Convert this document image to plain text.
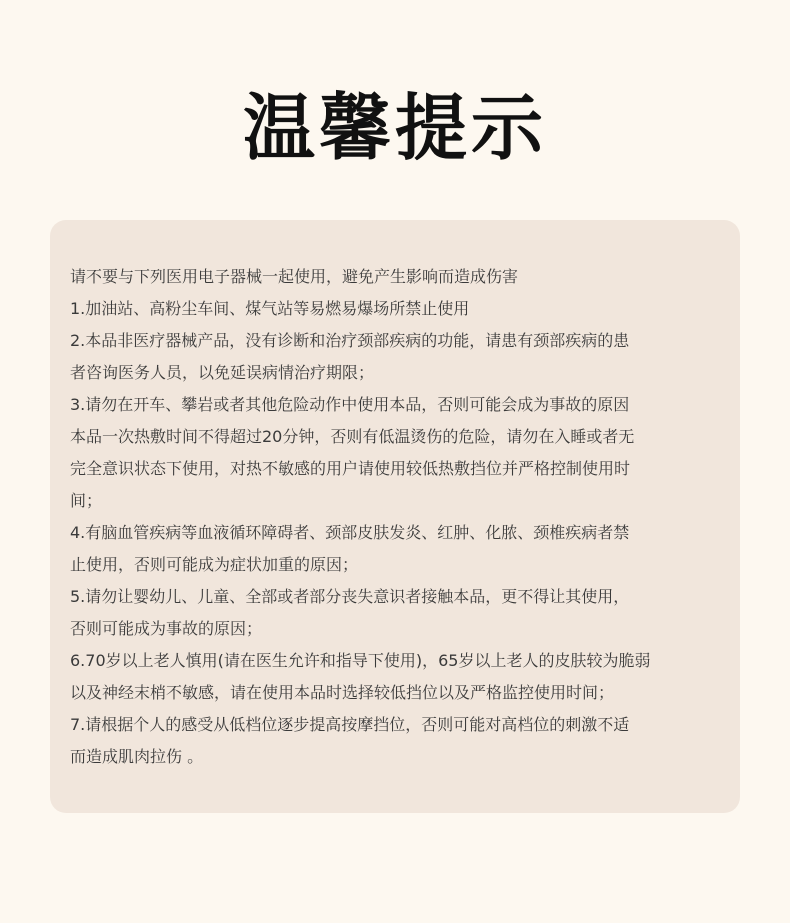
温馨提示
请不要与下列医用电子器械一起使用，避免产生影响而造成伤害
1.加油站、高粉尘车间、煤气站等易燃易爆场所禁止使用
2.本品非医疗器械产品，没有诊断和治疗颈部疾病的功能，请患有颈部疾病的患
者咨询医务人员，以免延误病情治疗期限；
3.请勿在开车、攀岩或者其他危险动作中使用本品，否则可能会成为事故的原因
本品一次热敷时间不得超过20分钟，否则有低温烫伤的危险，请勿在入睡或者无
完全意识状态下使用，对热不敏感的用户请使用较低热敷挡位并严格控制使用时
间；
4.有脑血管疾病等血液循环障碍者、颈部皮肤发炎、红肿、化脓、颈椎疾病者禁
止使用，否则可能成为症状加重的原因；
5.请勿让婴幼儿、儿童、全部或者部分丧失意识者接触本品，更不得让其使用，
否则可能成为事故的原因；
6.70岁以上老人慎用(请在医生允许和指导下使用)，65岁以上老人的皮肤较为脆弱
以及神经末梢不敏感，请在使用本品时选择较低挡位以及严格监控使用时间；
7.请根据个人的感受从低档位逐步提高按摩挡位，否则可能对高档位的刺激不适
而造成肌肉拉伤 。
